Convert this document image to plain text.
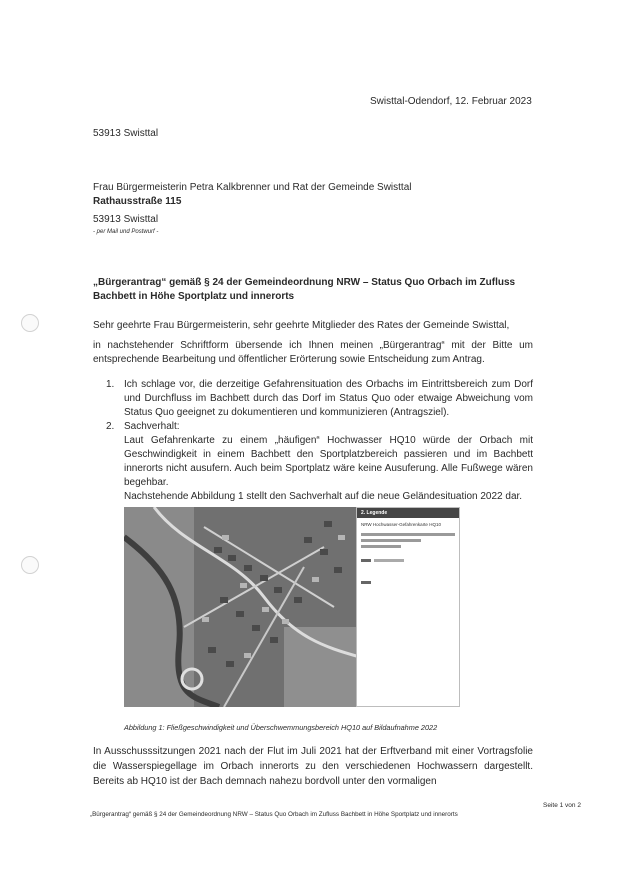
Swisttal-Odendorf, 12. Februar 2023
53913 Swisttal
Frau Bürgermeisterin Petra Kalkbrenner und Rat der Gemeinde Swisttal
Rathausstraße 115
53913 Swisttal
- per Mail und Postwurf -
„Bürgerantrag“ gemäß § 24 der Gemeindeordnung NRW – Status Quo Orbach im Zufluss Bachbett in Höhe Sportplatz und innerorts
Sehr geehrte Frau Bürgermeisterin, sehr geehrte Mitglieder des Rates der Gemeinde Swisttal,
in nachstehender Schriftform übersende ich Ihnen meinen „Bürgerantrag“ mit der Bitte um entsprechende Bearbeitung und öffentlicher Erörterung sowie Entscheidung zum Antrag.
1. Ich schlage vor, die derzeitige Gefahrensituation des Orbachs im Eintrittsbereich zum Dorf und Durchfluss im Bachbett durch das Dorf im Status Quo oder etwaige Abweichung vom Status Quo geeignet zu dokumentieren und kommunizieren (Antragsziel).
2. Sachverhalt:
Laut Gefahrenkarte zu einem „häufigen“ Hochwasser HQ10 würde der Orbach mit Geschwindigkeit in einem Bachbett den Sportplatzbereich passieren und im Bachbett innerorts nicht ausufern. Auch beim Sportplatz wäre keine Ausuferung. Alle Fußwege wären begehbar.
Nachstehende Abbildung 1 stellt den Sachverhalt auf die neue Geländesituation 2022 dar.
2. Legende
NRW Hochwasser-Gefahrenkarte HQ10
Abbildung 1: Fließgeschwindigkeit und Überschwemmungsbereich HQ10 auf Bildaufnahme 2022
In Ausschusssitzungen 2021 nach der Flut im Juli 2021 hat der Erftverband mit einer Vortragsfolie die Wasserspiegellage im Orbach innerorts zu den verschiedenen Hochwassern dargestellt. Bereits ab HQ10 ist der Bach demnach nahezu bordvoll unter den vormaligen
Seite 1 von 2
„Bürgerantrag“ gemäß § 24 der Gemeindeordnung NRW – Status Quo Orbach im Zufluss Bachbett in Höhe Sportplatz und innerorts
